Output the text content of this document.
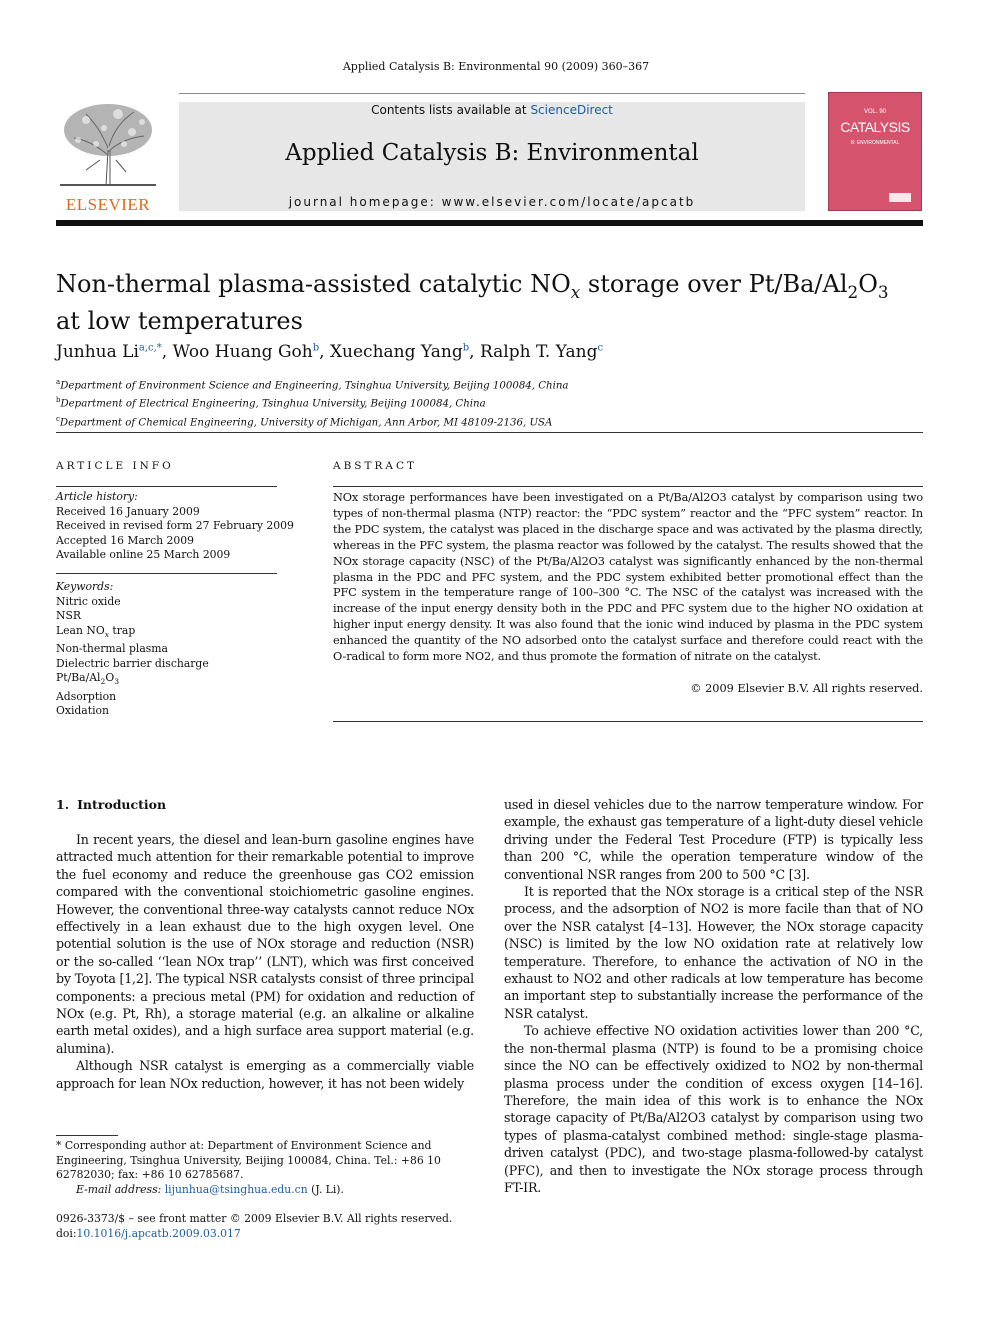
Applied Catalysis B: Environmental 90 (2009) 360–367
ELSEVIER
Contents lists available at ScienceDirect
Applied Catalysis B: Environmental
journal homepage: www.elsevier.com/locate/apcatb
VOL. 90
CATALYSIS
B: ENVIRONMENTAL
Non-thermal plasma-assisted catalytic $NO_x$ storage over $Pt/Ba/Al_2O_3$ at low temperatures
Junhua $Li^{a,c,*}$, Woo Huang Goh$^b$, Xuechang Yang$^b$, Ralph T. Yang$^c$
$^a$Department of Environment Science and Engineering, Tsinghua University, Beijing 100084, China
$^b$Department of Electrical Engineering, Tsinghua University, Beijing 100084, China
$^c$Department of Chemical Engineering, University of Michigan, Ann Arbor, MI 48109-2136, USA
ARTICLE INFO
Article history:
Received 16 January 2009
Received in revised form 27 February 2009
Accepted 16 March 2009
Available online 25 March 2009
Keywords:
Nitric oxide
NSR
Lean $NO_x$ trap
Non-thermal plasma
Dielectric barrier discharge
$Pt/Ba/Al_2O_3$
Adsorption
Oxidation
ABSTRACT
NOx storage performances have been investigated on a Pt/Ba/Al2O3 catalyst by comparison using two types of non-thermal plasma (NTP) reactor: the “PDC system” reactor and the “PFC system” reactor. In the PDC system, the catalyst was placed in the discharge space and was activated by the plasma directly, whereas in the PFC system, the plasma reactor was followed by the catalyst. The results showed that the NOx storage capacity (NSC) of the Pt/Ba/Al2O3 catalyst was significantly enhanced by the non-thermal plasma in the PDC and PFC system, and the PDC system exhibited better promotional effect than the PFC system in the temperature range of 100–300 °C. The NSC of the catalyst was increased with the increase of the input energy density both in the PDC and PFC system due to the higher NO oxidation at higher input energy density. It was also found that the ionic wind induced by plasma in the PDC system enhanced the quantity of the NO adsorbed onto the catalyst surface and therefore could react with the O-radical to form more NO2, and thus promote the formation of nitrate on the catalyst.
© 2009 Elsevier B.V. All rights reserved.
1. Introduction

In recent years, the diesel and lean-burn gasoline engines have attracted much attention for their remarkable potential to improve the fuel economy and reduce the greenhouse gas CO2 emission compared with the conventional stoichiometric gasoline engines. However, the conventional three-way catalysts cannot reduce NOx effectively in a lean exhaust due to the high oxygen level. One potential solution is the use of NOx storage and reduction (NSR) or the so-called ‘‘lean NOx trap’’ (LNT), which was first conceived by Toyota [1,2]. The typical NSR catalysts consist of three principal components: a precious metal (PM) for oxidation and reduction of NOx (e.g. Pt, Rh), a storage material (e.g. an alkaline or alkaline earth metal oxides), and a high surface area support material (e.g. alumina).

Although NSR catalyst is emerging as a commercially viable approach for lean NOx reduction, however, it has not been widely

used in diesel vehicles due to the narrow temperature window. For example, the exhaust gas temperature of a light-duty diesel vehicle driving under the Federal Test Procedure (FTP) is typically less than 200 °C, while the operation temperature window of the conventional NSR ranges from 200 to 500 °C [3].

It is reported that the NOx storage is a critical step of the NSR process, and the adsorption of NO2 is more facile than that of NO over the NSR catalyst [4–13]. However, the NOx storage capacity (NSC) is limited by the low NO oxidation rate at relatively low temperature. Therefore, to enhance the activation of NO in the exhaust to NO2 and other radicals at low temperature has become an important step to substantially increase the performance of the NSR catalyst.

To achieve effective NO oxidation activities lower than 200 °C, the non-thermal plasma (NTP) is found to be a promising choice since the NO can be effectively oxidized to NO2 by non-thermal plasma process under the condition of excess oxygen [14–16]. Therefore, the main idea of this work is to enhance the NOx storage capacity of Pt/Ba/Al2O3 catalyst by comparison using two types of plasma-catalyst combined method: single-stage plasma-driven catalyst (PDC), and two-stage plasma-followed-by catalyst (PFC), and then to investigate the NOx storage process through FT-IR.

* Corresponding author at: Department of Environment Science and Engineering, Tsinghua University, Beijing 100084, China. Tel.: +86 10 62782030; fax: +86 10 62785687.
E-mail address: lijunhua@tsinghua.edu.cn (J. Li).
0926-3373/$ – see front matter © 2009 Elsevier B.V. All rights reserved.
doi:10.1016/j.apcatb.2009.03.017
